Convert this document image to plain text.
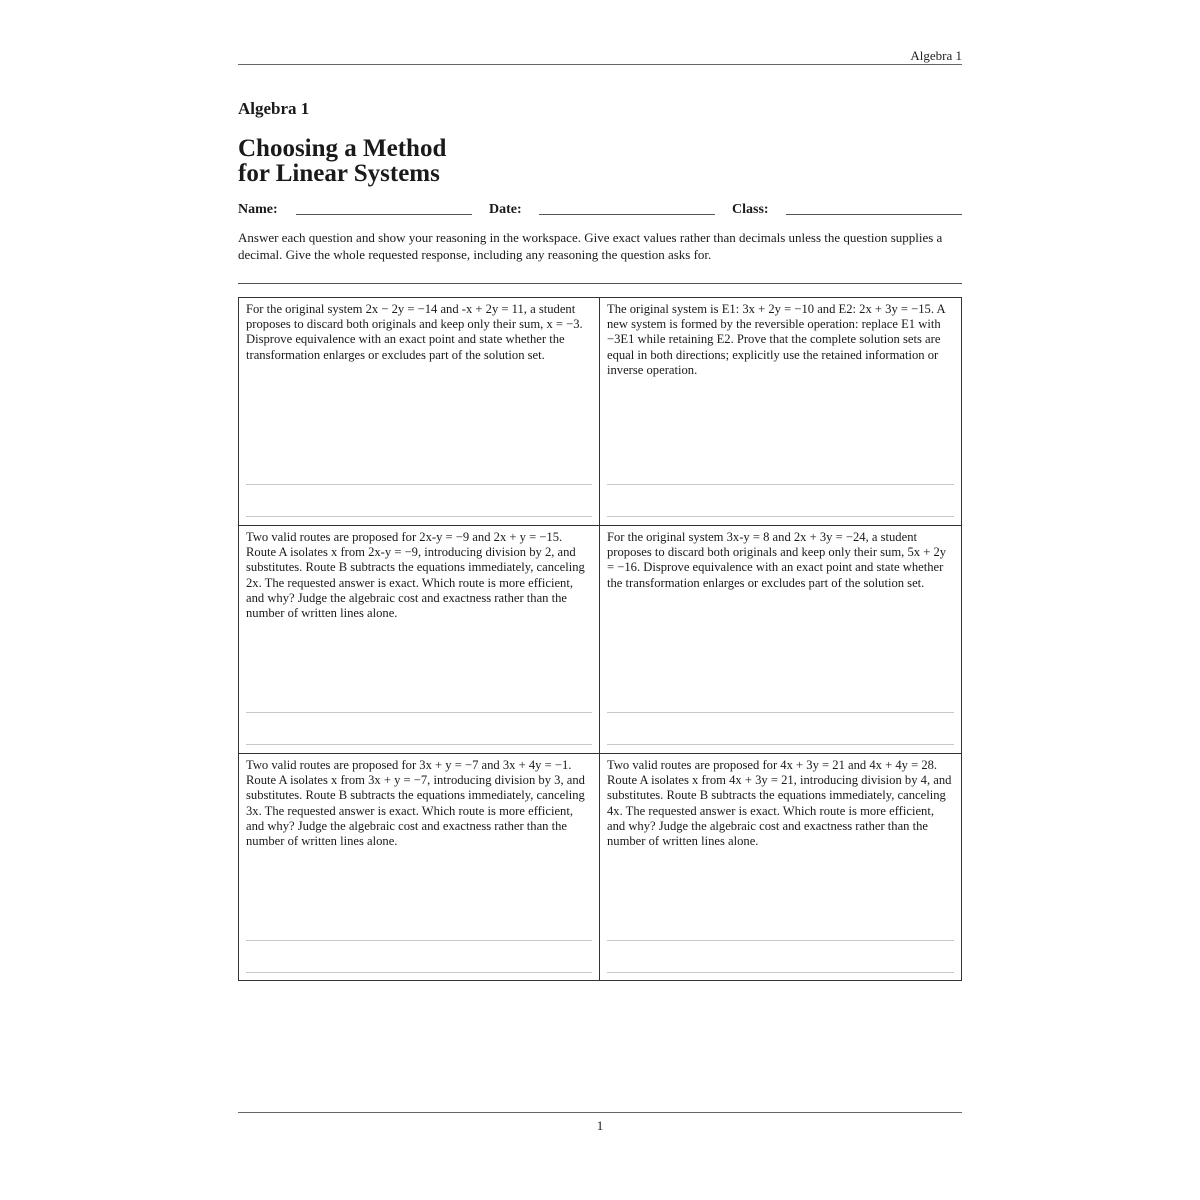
Algebra 1
Algebra 1
Choosing a Method
for Linear Systems
Name:	Date:	Class:
Answer each question and show your reasoning in the workspace. Give exact values rather than decimals unless the question supplies a decimal. Give the whole requested response, including any reasoning the question asks for.
For the original system 2x − 2y = −14 and -x + 2y = 11, a student proposes to discard both originals and keep only their sum, x = −3. Disprove equivalence with an exact point and state whether the transformation enlarges or excludes part of the solution set.
The original system is E1: 3x + 2y = −10 and E2: 2x + 3y = −15. A new system is formed by the reversible operation: replace E1 with −3E1 while retaining E2. Prove that the complete solution sets are equal in both directions; explicitly use the retained information or inverse operation.
Two valid routes are proposed for 2x-y = −9 and 2x + y = −15. Route A isolates x from 2x-y = −9, introducing division by 2, and substitutes. Route B subtracts the equations immediately, canceling 2x. The requested answer is exact. Which route is more efficient, and why? Judge the algebraic cost and exactness rather than the number of written lines alone.
For the original system 3x-y = 8 and 2x + 3y = −24, a student proposes to discard both originals and keep only their sum, 5x + 2y = −16. Disprove equivalence with an exact point and state whether the transformation enlarges or excludes part of the solution set.
Two valid routes are proposed for 3x + y = −7 and 3x + 4y = −1. Route A isolates x from 3x + y = −7, introducing division by 3, and substitutes. Route B subtracts the equations immediately, canceling 3x. The requested answer is exact. Which route is more efficient, and why? Judge the algebraic cost and exactness rather than the number of written lines alone.
Two valid routes are proposed for 4x + 3y = 21 and 4x + 4y = 28. Route A isolates x from 4x + 3y = 21, introducing division by 4, and substitutes. Route B subtracts the equations immediately, canceling 4x. The requested answer is exact. Which route is more efficient, and why? Judge the algebraic cost and exactness rather than the number of written lines alone.
1
